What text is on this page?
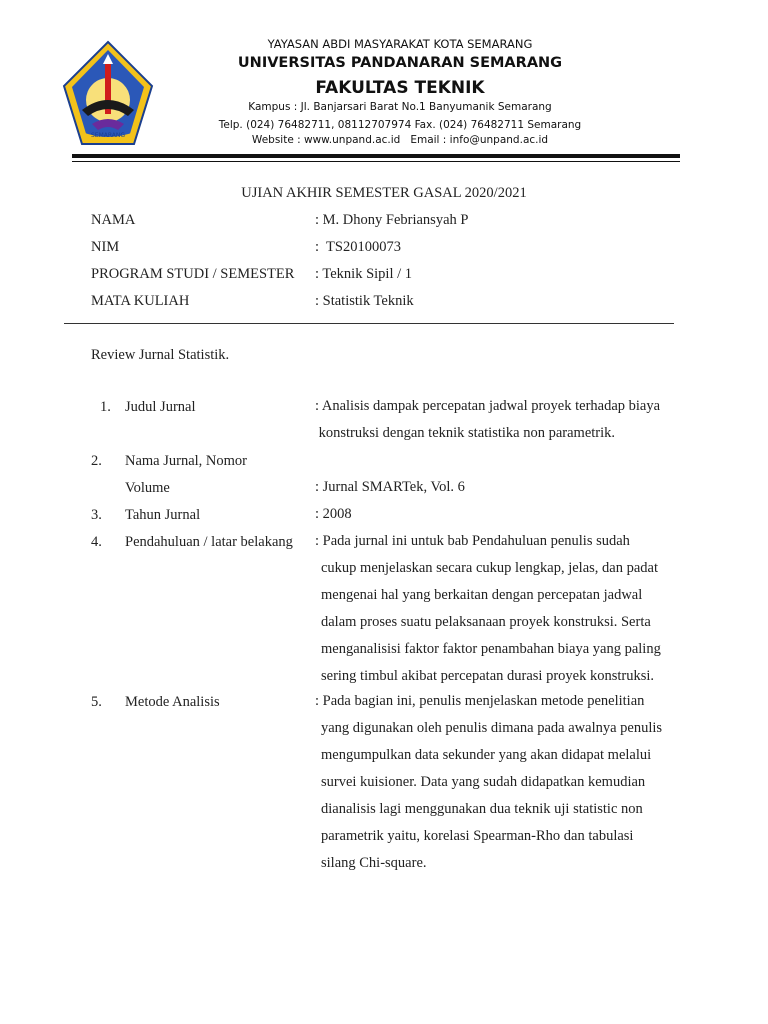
SEMARANG
YAYASAN ABDI MASYARAKAT KOTA SEMARANG
UNIVERSITAS PANDANARAN SEMARANG
FAKULTAS TEKNIK
Kampus : Jl. Banjarsari Barat No.1 Banyumanik Semarang
Telp. (024) 76482711, 08112707974 Fax. (024) 76482711 Semarang
Website : www.unpand.ac.id   Email : info@unpand.ac.id
UJIAN AKHIR SEMESTER GASAL 2020/2021
NAMA	: M. Dhony Febriansyah P
NIM	:  TS20100073
PROGRAM STUDI / SEMESTER : Teknik Sipil / 1
MATA KULIAH	: Statistik Teknik
Review Jurnal Statistik.
1. Judul Jurnal	: Analisis dampak percepatan jadwal proyek terhadap biaya
konstruksi dengan teknik statistika non parametrik.
2. Nama Jurnal, Nomor
Volume	: Jurnal SMARTek, Vol. 6
3. Tahun Jurnal	: 2008
4. Pendahuluan / latar belakang : Pada jurnal ini untuk bab Pendahuluan penulis sudah
cukup menjelaskan secara cukup lengkap, jelas, dan padat
mengenai hal yang berkaitan dengan percepatan jadwal
dalam proses suatu pelaksanaan proyek konstruksi. Serta
menganalisisi faktor faktor penambahan biaya yang paling
sering timbul akibat percepatan durasi proyek konstruksi.
5. Metode Analisis	: Pada bagian ini, penulis menjelaskan metode penelitian
yang digunakan oleh penulis dimana pada awalnya penulis
mengumpulkan data sekunder yang akan didapat melalui
survei kuisioner. Data yang sudah didapatkan kemudian
dianalisis lagi menggunakan dua teknik uji statistic non
parametrik yaitu, korelasi Spearman-Rho dan tabulasi
silang Chi-square.
